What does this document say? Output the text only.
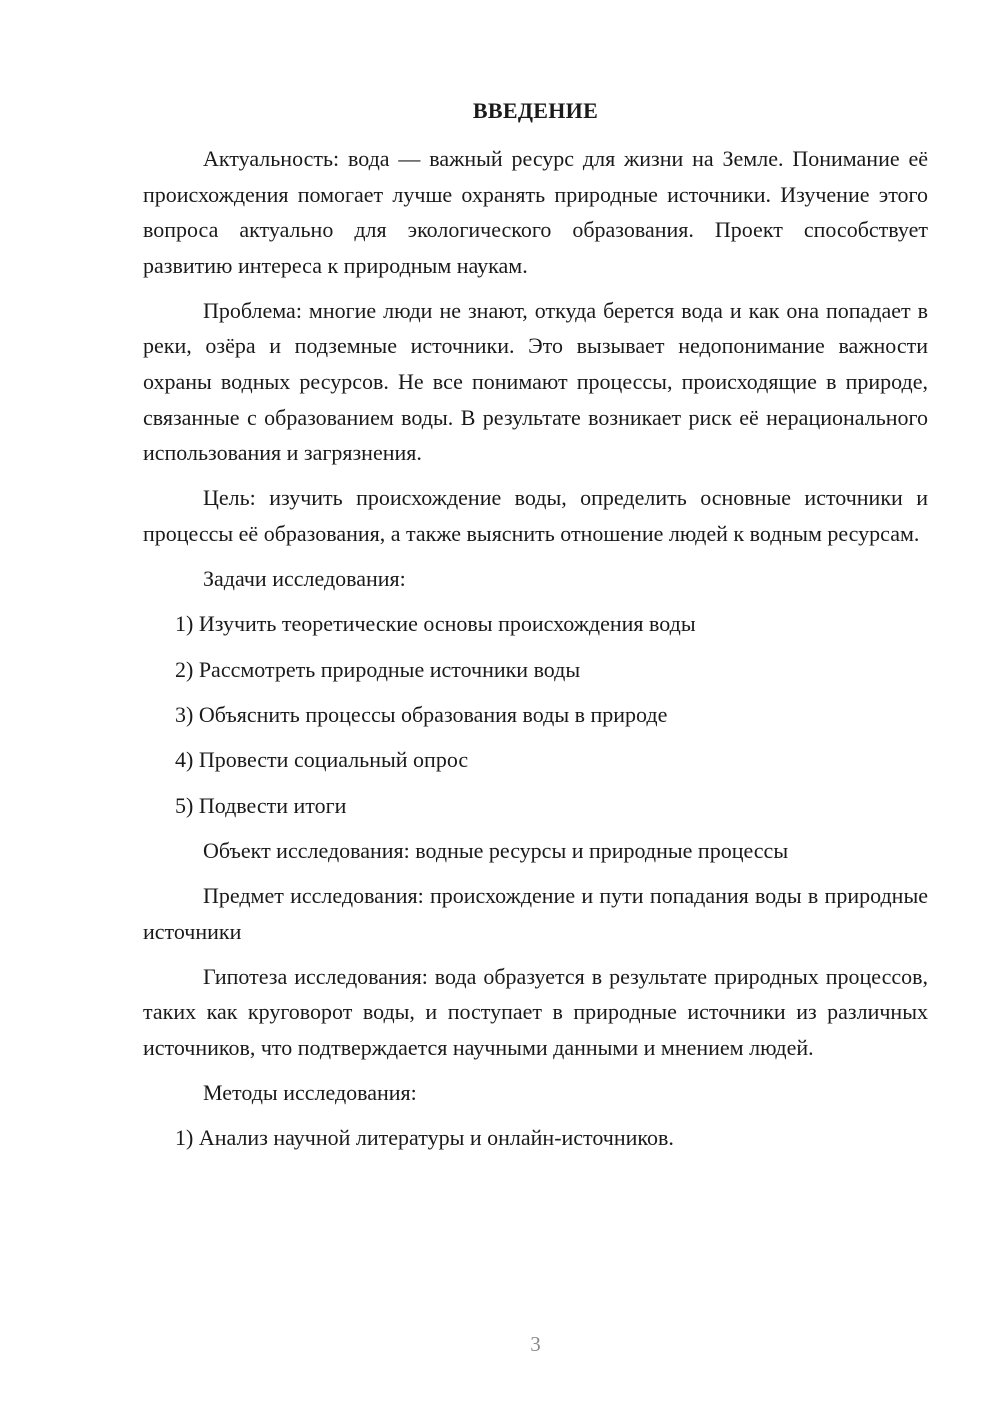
ВВЕДЕНИЕ

Актуальность: вода — важный ресурс для жизни на Земле. Понимание её происхождения помогает лучше охранять природные источники. Изучение этого вопроса актуально для экологического образования. Проект способствует развитию интереса к природным наукам.

Проблема: многие люди не знают, откуда берется вода и как она попадает в реки, озёра и подземные источники. Это вызывает недопонимание важности охраны водных ресурсов. Не все понимают процессы, происходящие в природе, связанные с образованием воды. В результате возникает риск её нерационального использования и загрязнения.

Цель: изучить происхождение воды, определить основные источники и процессы её образования, а также выяснить отношение людей к водным ресурсам.

Задачи исследования:

1) Изучить теоретические основы происхождения воды

2) Рассмотреть природные источники воды

3) Объяснить процессы образования воды в природе

4) Провести социальный опрос

5) Подвести итоги

Объект исследования: водные ресурсы и природные процессы

Предмет исследования: происхождение и пути попадания воды в природные источники

Гипотеза исследования: вода образуется в результате природных процессов, таких как круговорот воды, и поступает в природные источники из различных источников, что подтверждается научными данными и мнением людей.

Методы исследования:

1) Анализ научной литературы и онлайн-источников.

3
